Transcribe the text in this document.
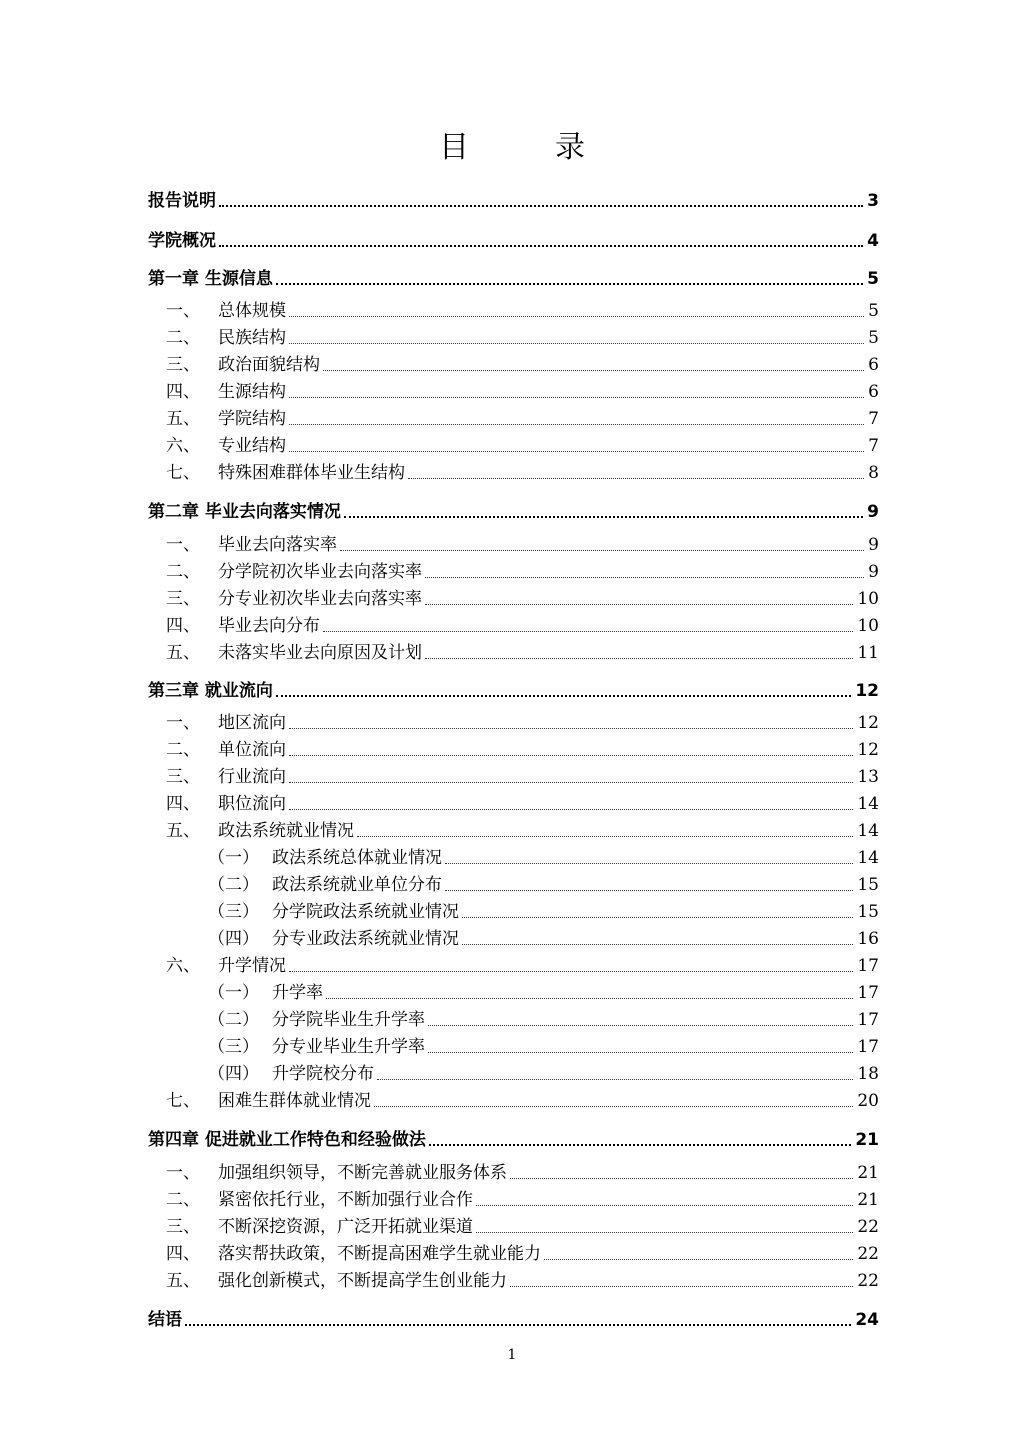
目　录
报告说明	3
学院概况	4
第一章 生源信息	5
一、 总体规模	5
二、 民族结构	5
三、 政治面貌结构	6
四、 生源结构	6
五、 学院结构	7
六、 专业结构	7
七、 特殊困难群体毕业生结构	8
第二章 毕业去向落实情况	9
一、 毕业去向落实率	9
二、 分学院初次毕业去向落实率	9
三、 分专业初次毕业去向落实率	10
四、 毕业去向分布	10
五、 未落实毕业去向原因及计划	11
第三章 就业流向	12
一、 地区流向	12
二、 单位流向	12
三、 行业流向	13
四、 职位流向	14
五、 政法系统就业情况	14
（一） 政法系统总体就业情况	14
（二） 政法系统就业单位分布	15
（三） 分学院政法系统就业情况	15
（四） 分专业政法系统就业情况	16
六、 升学情况	17
（一） 升学率	17
（二） 分学院毕业生升学率	17
（三） 分专业毕业生升学率	17
（四） 升学院校分布	18
七、 困难生群体就业情况	20
第四章 促进就业工作特色和经验做法	21
一、 加强组织领导，不断完善就业服务体系	21
二、 紧密依托行业，不断加强行业合作	21
三、 不断深挖资源，广泛开拓就业渠道	22
四、 落实帮扶政策，不断提高困难学生就业能力	22
五、 强化创新模式，不断提高学生创业能力	22
结语	24
1
